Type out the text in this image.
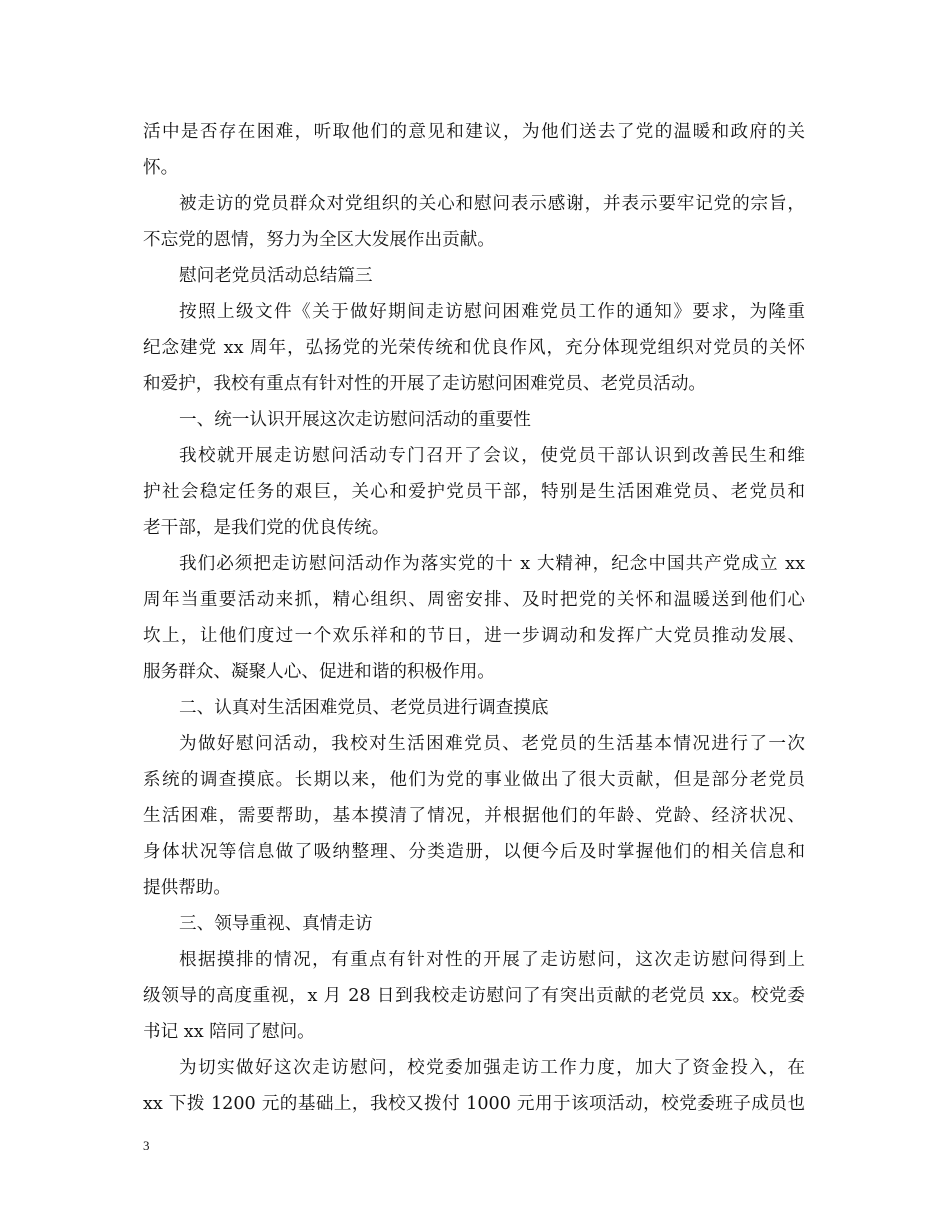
活中是否存在困难，听取他们的意见和建议，为他们送去了党的温暖和政府的关
怀。
被走访的党员群众对党组织的关心和慰问表示感谢，并表示要牢记党的宗旨，
不忘党的恩情，努力为全区大发展作出贡献。
慰问老党员活动总结篇三
按照上级文件《关于做好期间走访慰问困难党员工作的通知》要求，为隆重
纪念建党 xx 周年，弘扬党的光荣传统和优良作风，充分体现党组织对党员的关怀
和爱护，我校有重点有针对性的开展了走访慰问困难党员、老党员活动。
一、统一认识开展这次走访慰问活动的重要性
我校就开展走访慰问活动专门召开了会议，使党员干部认识到改善民生和维
护社会稳定任务的艰巨，关心和爱护党员干部，特别是生活困难党员、老党员和
老干部，是我们党的优良传统。
我们必须把走访慰问活动作为落实党的十 x 大精神，纪念中国共产党成立 xx
周年当重要活动来抓，精心组织、周密安排、及时把党的关怀和温暖送到他们心
坎上，让他们度过一个欢乐祥和的节日，进一步调动和发挥广大党员推动发展、
服务群众、凝聚人心、促进和谐的积极作用。
二、认真对生活困难党员、老党员进行调查摸底
为做好慰问活动，我校对生活困难党员、老党员的生活基本情况进行了一次
系统的调查摸底。长期以来，他们为党的事业做出了很大贡献，但是部分老党员
生活困难，需要帮助，基本摸清了情况，并根据他们的年龄、党龄、经济状况、
身体状况等信息做了吸纳整理、分类造册，以便今后及时掌握他们的相关信息和
提供帮助。
三、领导重视、真情走访
根据摸排的情况，有重点有针对性的开展了走访慰问，这次走访慰问得到上
级领导的高度重视，x 月 28 日到我校走访慰问了有突出贡献的老党员 xx。校党委
书记 xx 陪同了慰问。
为切实做好这次走访慰问，校党委加强走访工作力度，加大了资金投入，在
xx 下拨 1200 元的基础上，我校又拨付 1000 元用于该项活动，校党委班子成员也
3
